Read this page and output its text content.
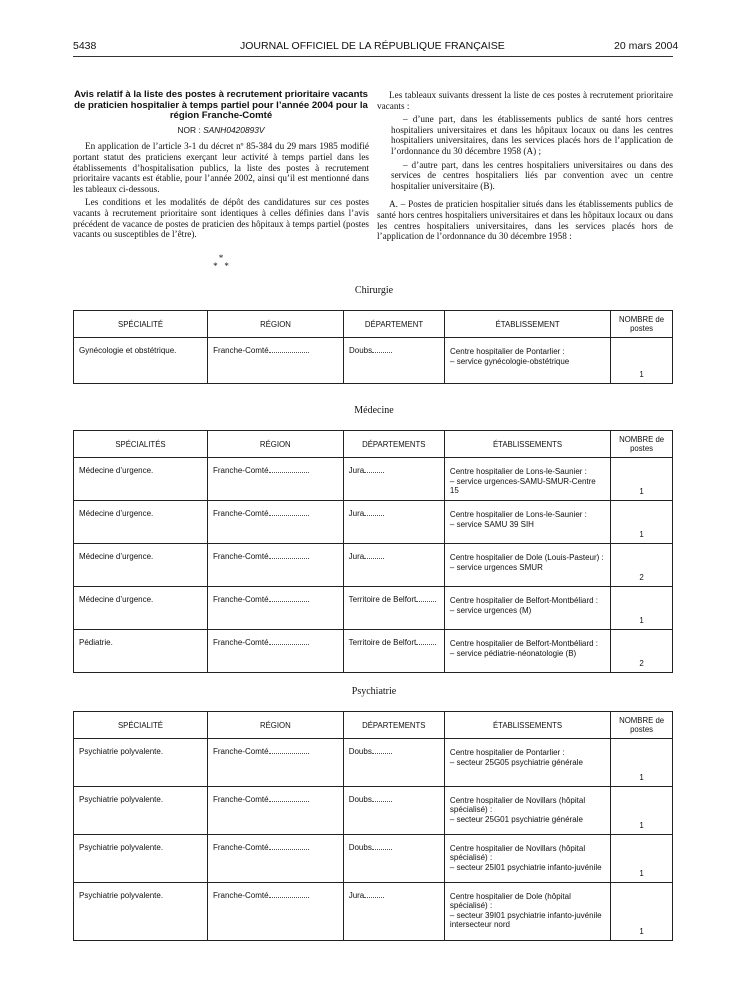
5438	JOURNAL OFFICIEL DE LA RÉPUBLIQUE FRANÇAISE	20 mars 2004

Avis relatif à la liste des postes à recrutement prioritaire vacants de praticien hospitalier à temps partiel pour l’année 2004 pour la région Franche-Comté

NOR : SANH0420893V

En application de l’article 3-1 du décret nº 85-384 du 29 mars 1985 modifié portant statut des praticiens exerçant leur activité à temps partiel dans les établissements d’hospitalisation publics, la liste des postes à recrutement prioritaire vacants est établie, pour l’année 2002, ainsi qu’il est mentionné dans les tableaux ci-dessous.

Les conditions et les modalités de dépôt des candidatures sur ces postes vacants à recrutement prioritaire sont identiques à celles définies dans l’avis précédent de vacance de postes de praticien des hôpitaux à temps partiel (postes vacants ou susceptibles de l’être).

*
*   *

Les tableaux suivants dressent la liste de ces postes à recrutement prioritaire vacants :

– d’une part, dans les établissements publics de santé hors centres hospitaliers universitaires et dans les hôpitaux locaux ou dans les centres hospitaliers universitaires, dans les services placés hors de l’application de l’ordonnance du 30 décembre 1958 (A) ;

– d’autre part, dans les centres hospitaliers universitaires ou dans des services de centres hospitaliers liés par convention avec un centre hospitalier universitaire (B).

A. – Postes de praticien hospitalier situés dans les établissements publics de santé hors centres hospitaliers universitaires et dans les hôpitaux locaux ou dans les centres hospitaliers universitaires, dans les services placés hors de l’application de l’ordonnance du 30 décembre 1958 :

Chirurgie
SPÉCIALITÉ	RÉGION	DÉPARTEMENT	ÉTABLISSEMENT	NOMBRE de postes
Gynécologie et obstétrique.	Franche-Comté	Doubs	Centre hospitalier de Pontarlier :
– service gynécologie-obstétrique	1
Médecine
SPÉCIALITÉS	RÉGION	DÉPARTEMENTS	ÉTABLISSEMENTS	NOMBRE de postes
Médecine d’urgence.	Franche-Comté	Jura	Centre hospitalier de Lons-le-Saunier :
– service urgences-SAMU-SMUR-Centre 15	1
Médecine d’urgence.	Franche-Comté	Jura	Centre hospitalier de Lons-le-Saunier :
– service SAMU 39 SIH	1
Médecine d’urgence.	Franche-Comté	Jura	Centre hospitalier de Dole (Louis-Pasteur) :
– service urgences SMUR	2
Médecine d’urgence.	Franche-Comté	Territoire de Belfort	Centre hospitalier de Belfort-Montbéliard :
– service urgences (M)	1
Pédiatrie.	Franche-Comté	Territoire de Belfort	Centre hospitalier de Belfort-Montbéliard :
– service pédiatrie-néonatologie (B)	2
Psychiatrie
SPÉCIALITÉ	RÉGION	DÉPARTEMENTS	ÉTABLISSEMENTS	NOMBRE de postes
Psychiatrie polyvalente.	Franche-Comté	Doubs	Centre hospitalier de Pontarlier :
– secteur 25G05 psychiatrie générale	1
Psychiatrie polyvalente.	Franche-Comté	Doubs	Centre hospitalier de Novillars (hôpital spécialisé) :
– secteur 25G01 psychiatrie générale	1
Psychiatrie polyvalente.	Franche-Comté	Doubs	Centre hospitalier de Novillars (hôpital spécialisé) :
– secteur 25I01 psychiatrie infanto-juvénile	1
Psychiatrie polyvalente.	Franche-Comté	Jura	Centre hospitalier de Dole (hôpital spécialisé) :
– secteur 39I01 psychiatrie infanto-juvénile intersecteur nord	1
